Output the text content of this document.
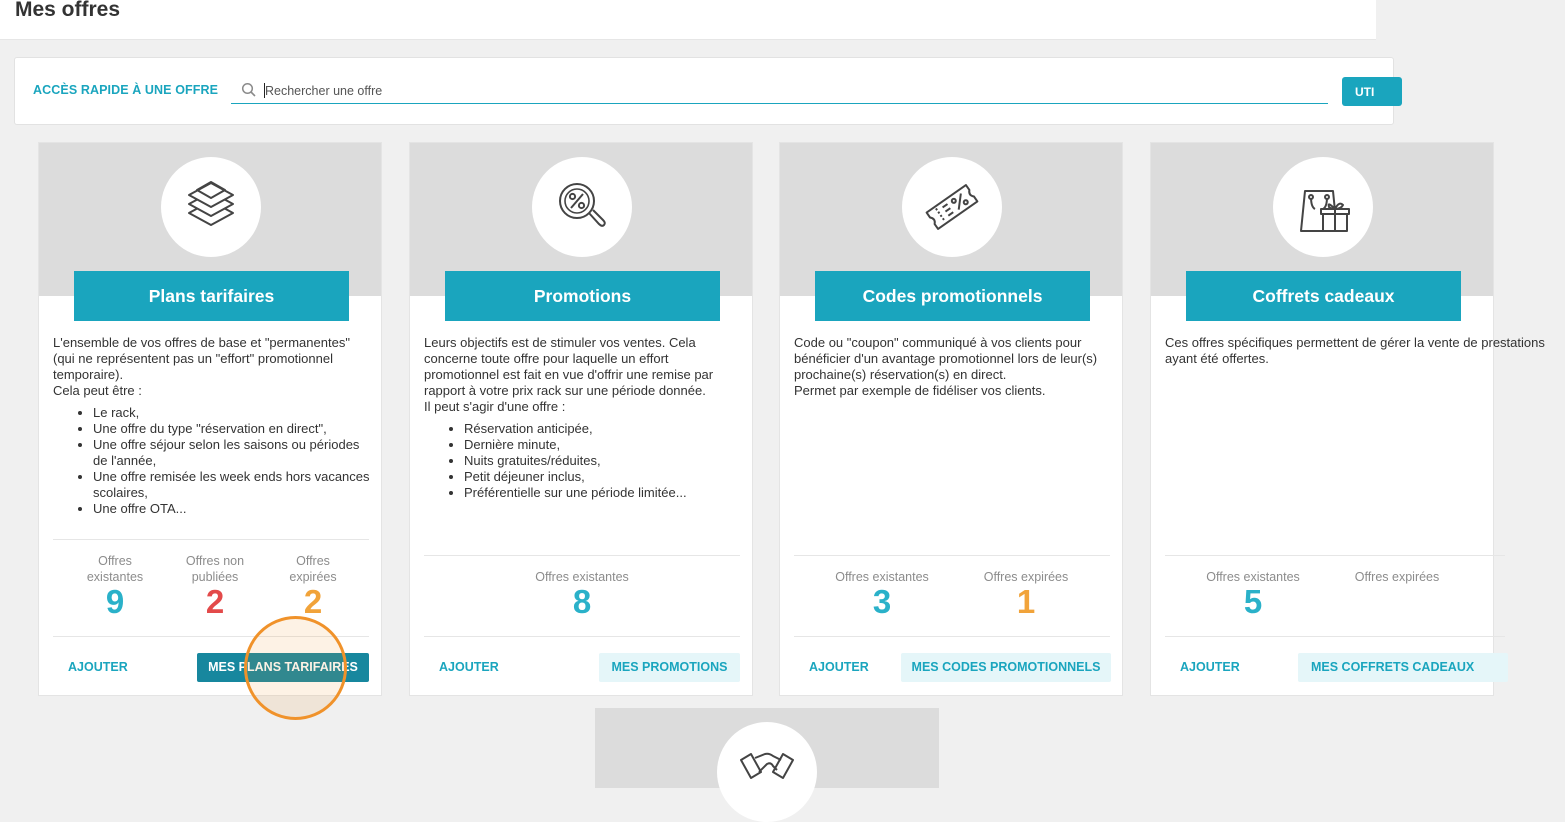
Mes offres
ACCÈS RAPIDE À UNE OFFRE
Rechercher une offre	UTI
Plans tarifaires
L'ensemble de vos offres de base et "permanentes" (qui ne représentent pas un "effort" promotionnel temporaire).
Cela peut être :
• Le rack,
• Une offre du type "réservation en direct",
• Une offre séjour selon les saisons ou périodes de l'année,
• Une offre remisée les week ends hors vacances scolaires,
• Une offre OTA...
Offres
existantes
9
Offres non
publiées
2
Offres
expirées
2
AJOUTER	MES PLANS TARIFAIRES
Promotions
Leurs objectifs est de stimuler vos ventes. Cela concerne toute offre pour laquelle un effort promotionnel est fait en vue d'offrir une remise par rapport à votre prix rack sur une période donnée.
Il peut s'agir d'une offre :
• Réservation anticipée,
• Dernière minute,
• Nuits gratuites/réduites,
• Petit déjeuner inclus,
• Préférentielle sur une période limitée...
Offres existantes
8
AJOUTER	MES PROMOTIONS
Codes promotionnels
Code ou "coupon" communiqué à vos clients pour bénéficier d'un avantage promotionnel lors de leur(s) prochaine(s) réservation(s) en direct.
Permet par exemple de fidéliser vos clients.
Offres existantes
3
Offres expirées
1
AJOUTER	MES CODES PROMOTIONNELS
Coffrets cadeaux
Ces offres spécifiques permettent de gérer la vente de prestations ayant été offertes.
Offres existantes
5
Offres expirées
AJOUTER	MES COFFRETS CADEAUX
